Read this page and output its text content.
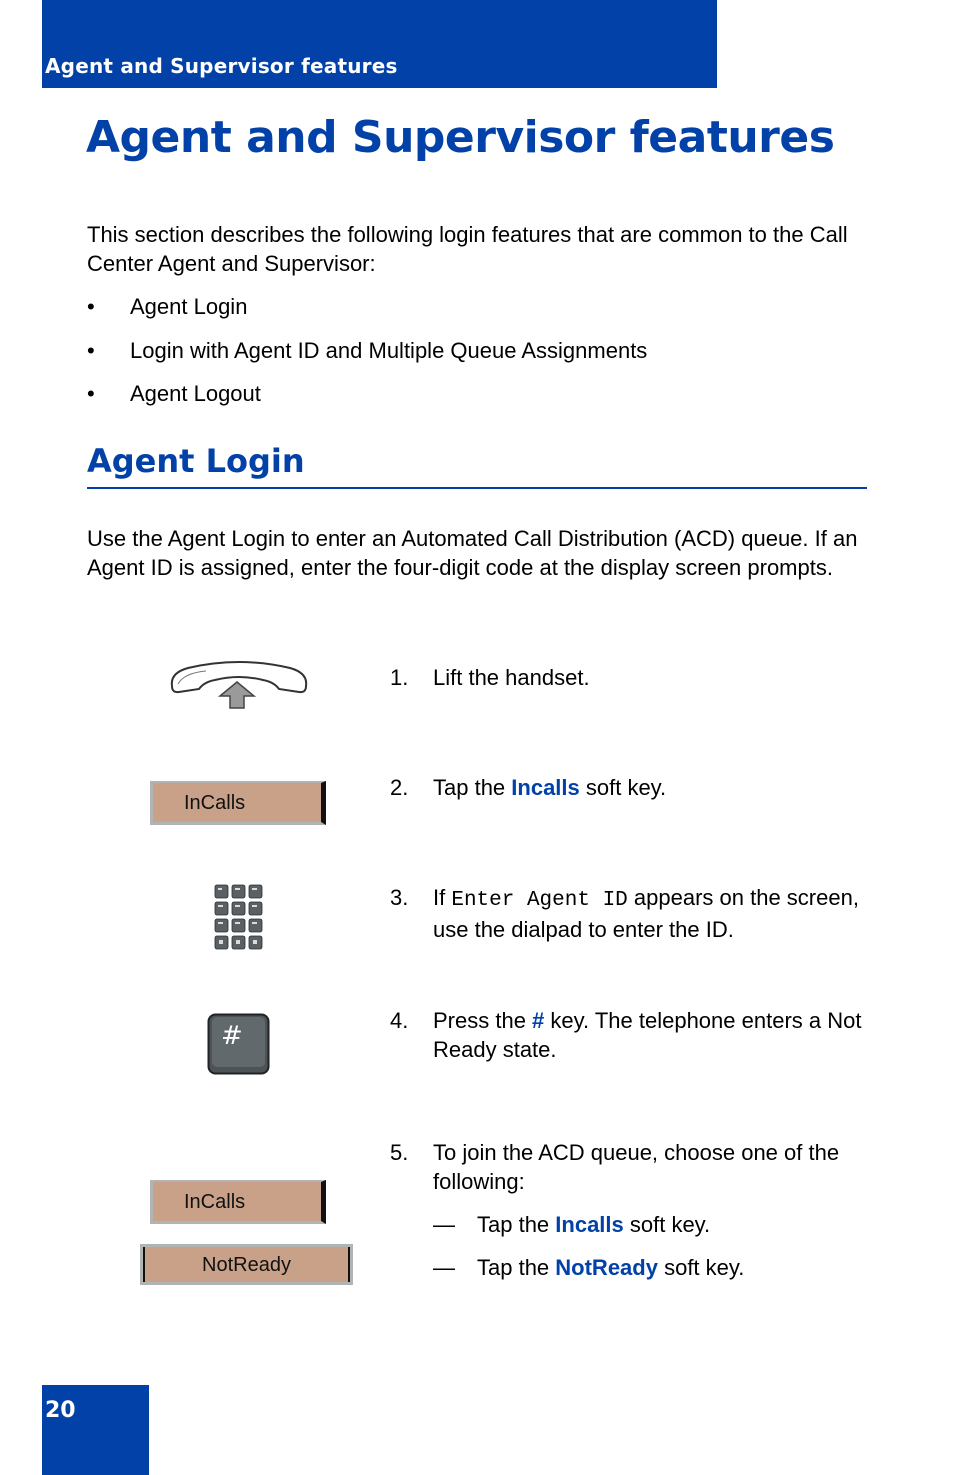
Agent and Supervisor features
Agent and Supervisor features

This section describes the following login features that are common to the Call Center Agent and Supervisor:

• Agent Login
• Login with Agent ID and Multiple Queue Assignments
• Agent Logout
Agent Login

Use the Agent Login to enter an Automated Call Distribution (ACD) queue. If an Agent ID is assigned, enter the four-digit code at the display screen prompts.

1. Lift the handset.
InCalls
2. Tap the Incalls soft key.
3. If Enter Agent ID appears on the screen, use the dialpad to enter the ID.
#
4. Press the # key. The telephone enters a Not Ready state.
InCalls
NotReady
5. To join the ACD queue, choose one of the following:
— Tap the Incalls soft key.
— Tap the NotReady soft key.
20
